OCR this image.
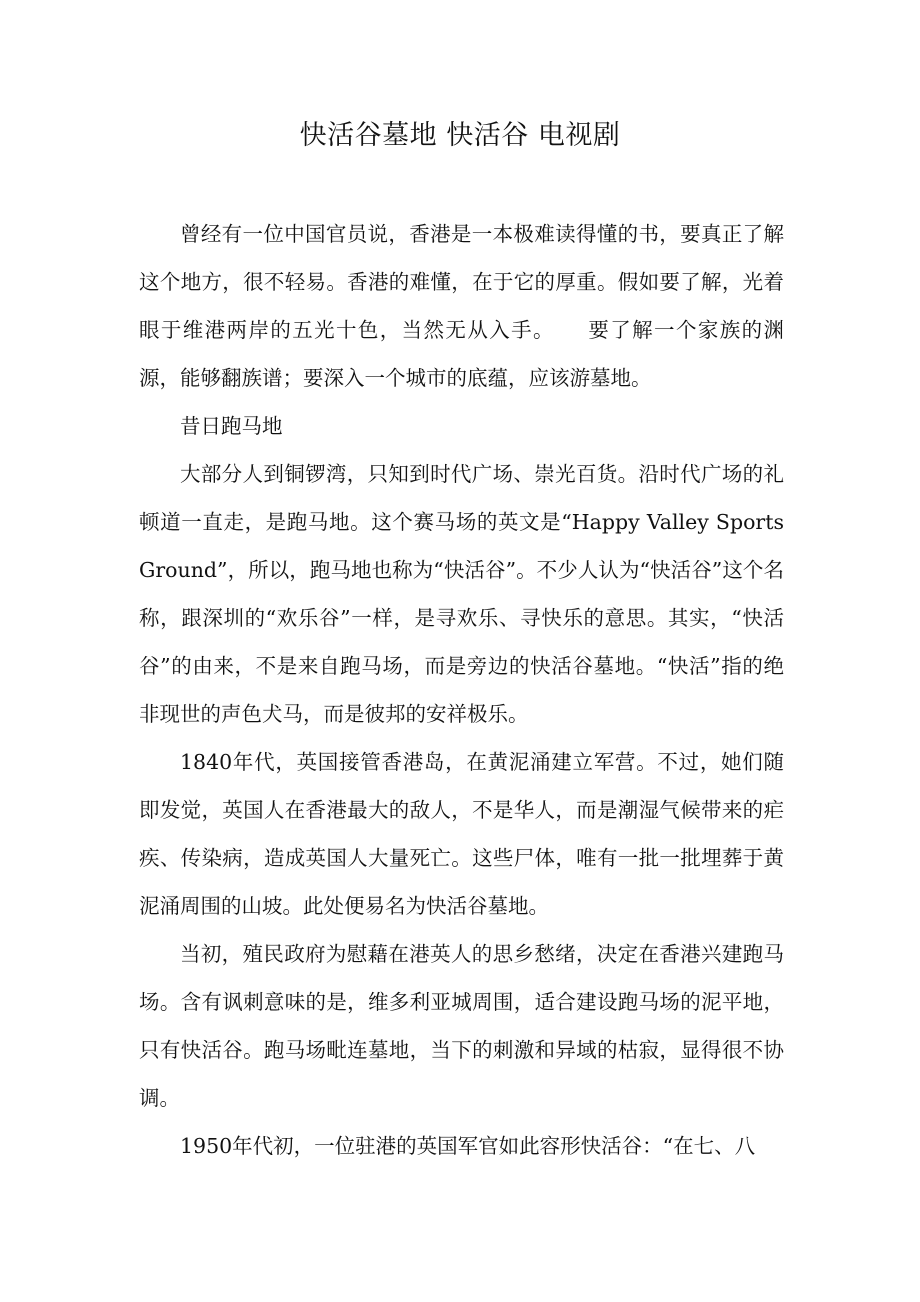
快活谷墓地 快活谷 电视剧

曾经有一位中国官员说，香港是一本极难读得懂的书，要真正了解这个地方，很不轻易。香港的难懂，在于它的厚重。假如要了解，光着眼于维港两岸的五光十色，当然无从入手。　　要了解一个家族的渊源，能够翻族谱；要深入一个城市的底蕴，应该游墓地。

昔日跑马地

大部分人到铜锣湾，只知到时代广场、崇光百货。沿时代广场的礼顿道一直走，是跑马地。这个赛马场的英文是“Happy Valley Sports Ground”，所以，跑马地也称为“快活谷”。不少人认为“快活谷”这个名称，跟深圳的“欢乐谷”一样，是寻欢乐、寻快乐的意思。其实，“快活谷”的由来，不是来自跑马场，而是旁边的快活谷墓地。“快活”指的绝非现世的声色犬马，而是彼邦的安祥极乐。

1840年代，英国接管香港岛，在黄泥涌建立军营。不过，她们随即发觉，英国人在香港最大的敌人，不是华人，而是潮湿气候带来的疟疾、传染病，造成英国人大量死亡。这些尸体，唯有一批一批埋葬于黄泥涌周围的山坡。此处便易名为快活谷墓地。

当初，殖民政府为慰藉在港英人的思乡愁绪，决定在香港兴建跑马场。含有讽刺意味的是，维多利亚城周围，适合建设跑马场的泥平地，只有快活谷。跑马场毗连墓地，当下的刺激和异域的枯寂，显得很不协调。

1950年代初，一位驻港的英国军官如此容形快活谷：“在七、八
